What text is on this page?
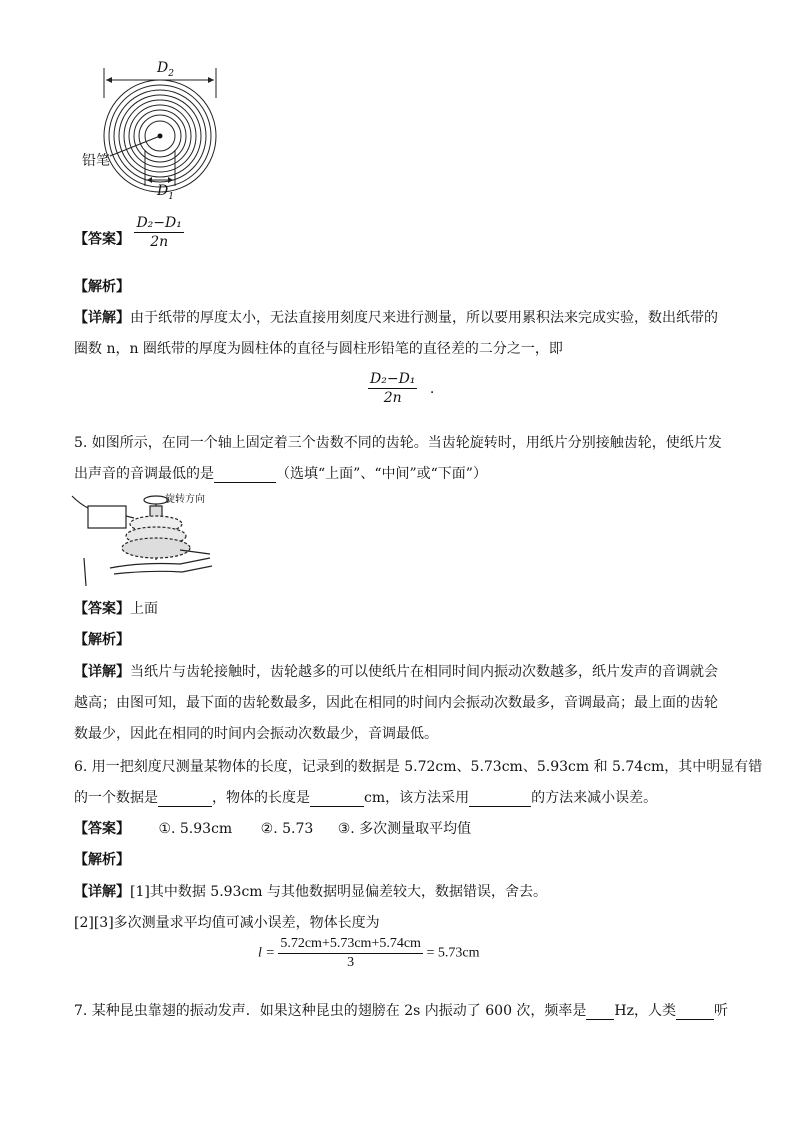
$D_2$
$D_1$
铅笔
【答案】 $\frac{\text{D₂−D₁}}{2n}$
【解析】
【详解】由于纸带的厚度太小，无法直接用刻度尺来进行测量，所以要用累积法来完成实验，数出纸带的
圈数 n，n 圈纸带的厚度为圆柱体的直径与圆柱形铅笔的直径差的二分之一，即
$\frac{\text{D₂−D₁}}{2n}$ .
5. 如图所示，在同一个轴上固定着三个齿数不同的齿轮。当齿轮旋转时，用纸片分别接触齿轮，使纸片发
出声音的音调最低的是	（选填“上面”、“中间”或“下面”）
旋转方向
【答案】上面
【解析】
【详解】当纸片与齿轮接触时，齿轮越多的可以使纸片在相同时间内振动次数越多，纸片发声的音调就会
越高；由图可知，最下面的齿轮数最多，因此在相同的时间内会振动次数最多，音调最高；最上面的齿轮
数最少，因此在相同的时间内会振动次数最少，音调最低。
6. 用一把刻度尺测量某物体的长度，记录到的数据是 5.72cm、5.73cm、5.93cm 和 5.74cm，其中明显有错
的一个数据是	，物体的长度是	cm，该方法采用	的方法来减小误差。
【答案】 ①. 5.93cm ②. 5.73 ③. 多次测量取平均值
【解析】
【详解】[1]其中数据 5.93cm 与其他数据明显偏差较大，数据错误，舍去。
[2][3]多次测量求平均值可减小误差，物体长度为
$l = \frac{5.72cm+5.73cm+5.74cm}{3} = 5.73cm$
7. 某种昆虫靠翅的振动发声．如果这种昆虫的翅膀在 2s 内振动了 600 次，频率是 Hz，人类	听
